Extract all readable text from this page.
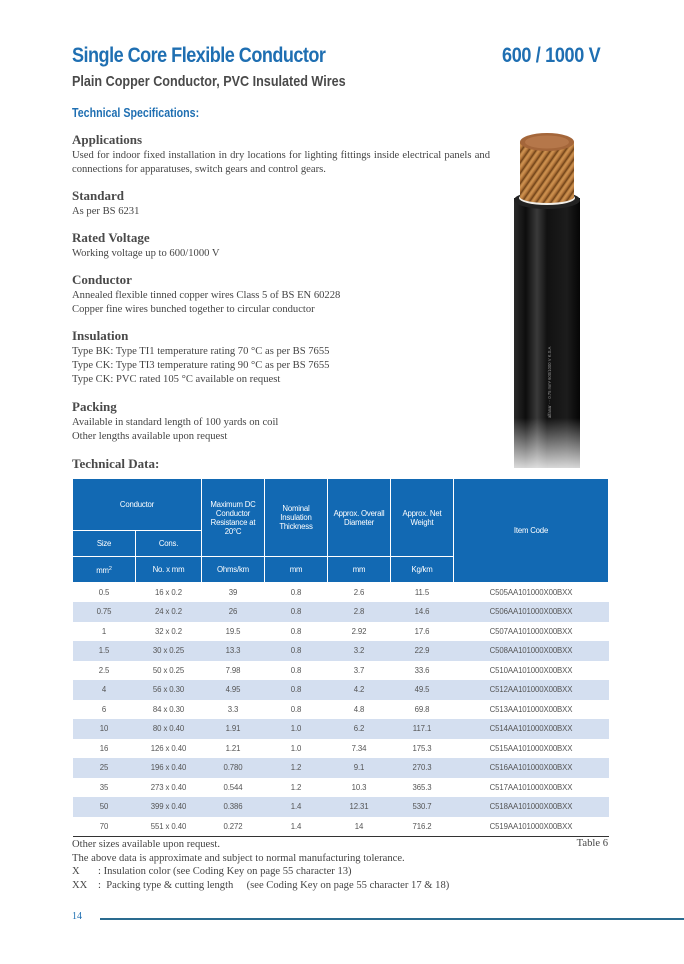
Single Core Flexible Conductor	600 / 1000 V
Plain Copper Conductor, PVC Insulated Wires
Technical Specifications:
Applications

Used for indoor fixed installation in dry locations for lighting fittings inside electrical panels and connections for apparatuses, switch gears and control gears.

Standard

As per BS 6231

Rated Voltage

Working voltage up to 600/1000 V

Conductor

Annealed flexible tinned copper wires Class 5 of BS EN 60228

Copper fine wires bunched together to circular conductor

Insulation

Type BK: Type TI1 temperature rating 70 °C as per BS 7655

Type CK: Type TI3 temperature rating 90 °C as per BS 7655

Type CK: PVC rated 105 °C available on request

Packing

Available in standard length of 100 yards on coil

Other lengths available upon request

alfanar ··· 0.75 mm² 600/1000 V K.S.A
Technical Data:
Conductor		Maximum DC Conductor Resistance at 20°C	Nominal Insulation Thickness	Approx. Overall Diameter	Approx. Net Weight	Item Code
Size	Cons.					
$mm^2$	No. x mm	Ohms/km	mm	mm	Kg/km	
0.5	16 x 0.2	39	0.8	2.6	11.5	C505AA101000X00BXX
0.75	24 x 0.2	26	0.8	2.8	14.6	C506AA101000X00BXX
1	32 x 0.2	19.5	0.8	2.92	17.6	C507AA101000X00BXX
1.5	30 x 0.25	13.3	0.8	3.2	22.9	C508AA101000X00BXX
2.5	50 x 0.25	7.98	0.8	3.7	33.6	C510AA101000X00BXX
4	56 x 0.30	4.95	0.8	4.2	49.5	C512AA101000X00BXX
6	84 x 0.30	3.3	0.8	4.8	69.8	C513AA101000X00BXX
10	80 x 0.40	1.91	1.0	6.2	117.1	C514AA101000X00BXX
16	126 x 0.40	1.21	1.0	7.34	175.3	C515AA101000X00BXX
25	196 x 0.40	0.780	1.2	9.1	270.3	C516AA101000X00BXX
35	273 x 0.40	0.544	1.2	10.3	365.3	C517AA101000X00BXX
50	399 x 0.40	0.386	1.4	12.31	530.7	C518AA101000X00BXX
70	551 x 0.40	0.272	1.4	14	716.2	C519AA101000X00BXX
Other sizes available upon request.
The above data is approximate and subject to normal manufacturing tolerance.
X : Insulation color (see Coding Key on page 55 character 13)
XX :  Packing type & cutting length     (see Coding Key on page 55 character 17 & 18)
Table 6
14
